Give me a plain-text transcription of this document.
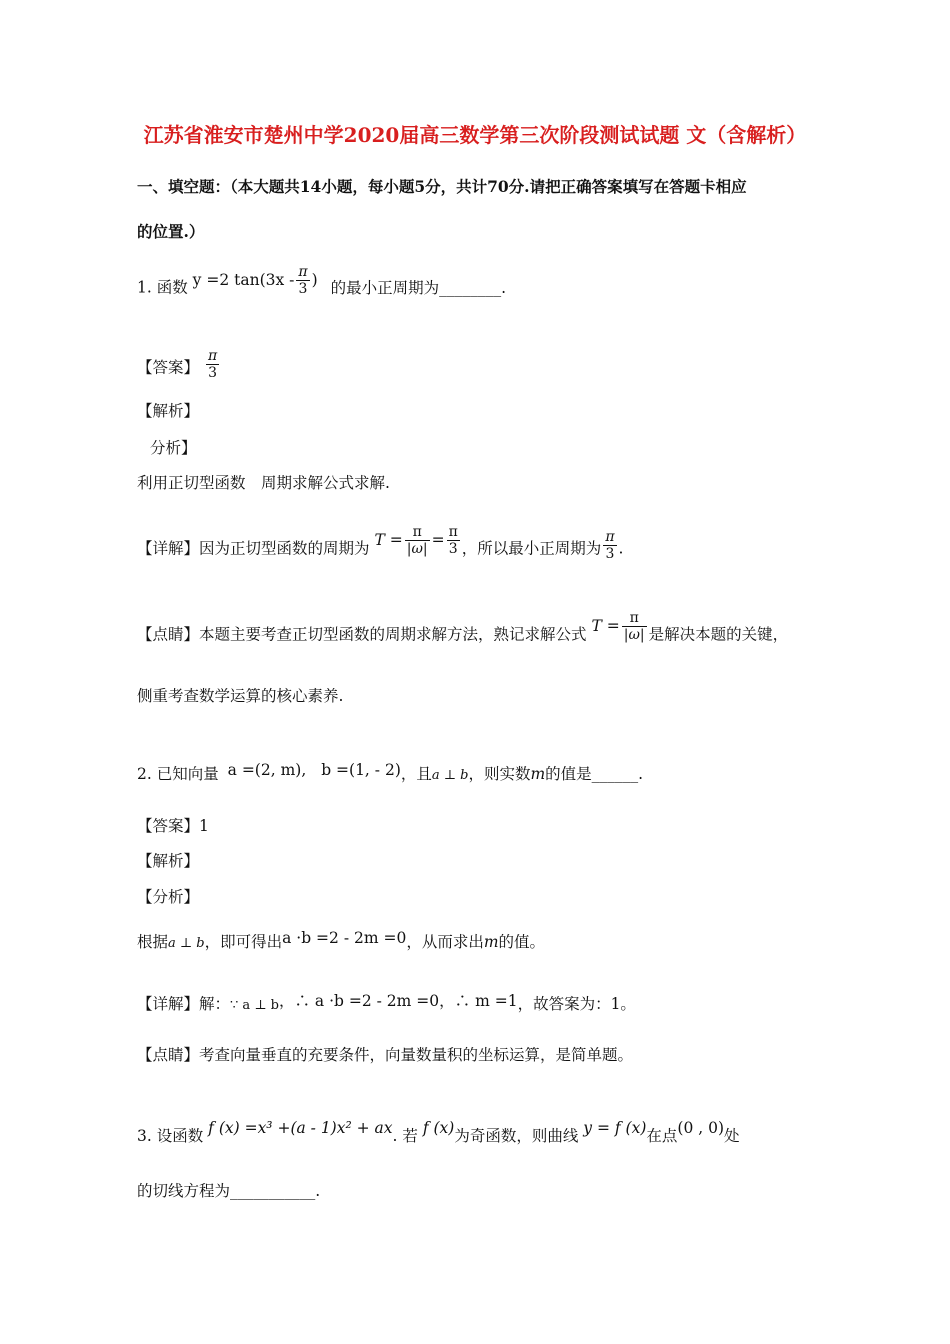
江苏省淮安市楚州中学2020届高三数学第三次阶段测试试题 文（含解析）
一、填空题：（本大题共14小题，每小题5分，共计70分.请把正确答案填写在答题卡相应
的位置.）
1. 函数 y =2 $\tan(3x - \frac{\pi}{3}$ ) 的最小正周期为________.
【答案】 $\frac{\pi}{3}$
【解析】
分析】
利用正切型函数　周期求解公式求解.
【详解】因为正切型函数的周期为 $T = \frac{\pi}{|\omega|} = \frac{\pi}{3}$ ，所以最小正周期为 $\frac{\pi}{3}$ .
【点睛】本题主要考查正切型函数的周期求解方法，熟记求解公式 $T = \frac{\pi}{|\omega|}$ 是解决本题的关键，
侧重考查数学运算的核心素养.
2. 已知向量 a =(2, m), b =(1, - 2)，且a ⊥ b，则实数m的值是______.
【答案】1
【解析】
【分析】
根据a ⊥ b，即可得出a ·b =2 - 2m =0，从而求出m的值。
【详解】解：∵ a ⊥ b，∴ a ·b =2 - 2m =0，∴ m =1，故答案为：1。
【点睛】考查向量垂直的充要条件，向量数量积的坐标运算，是简单题。
3. 设函数 f (x) =x³ +(a - 1)x² + ax. 若 f (x)为奇函数，则曲线 y = f (x)在点(0 , 0)处
的切线方程为___________.
